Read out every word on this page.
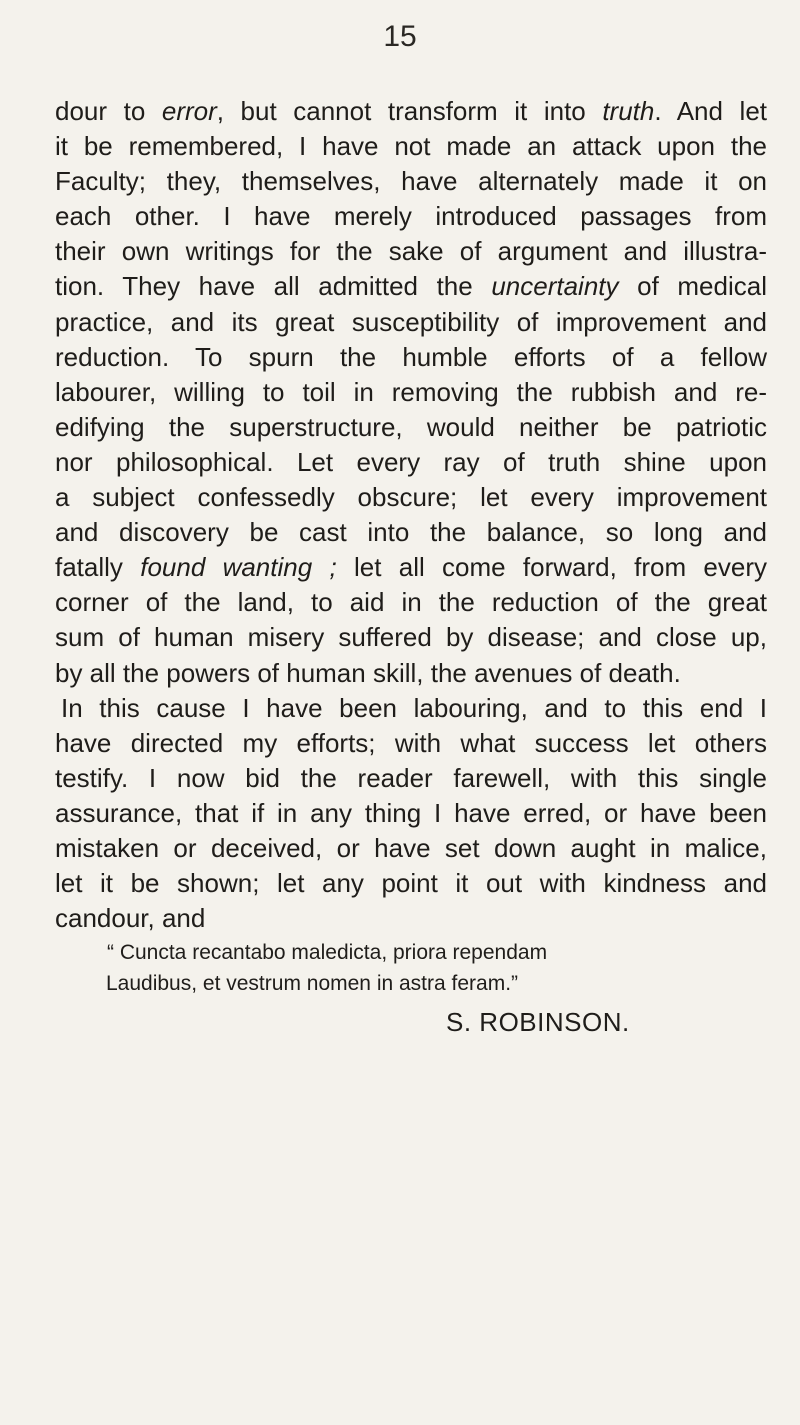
15
dour to error, but cannot transform it into truth. And let
it be remembered, I have not made an attack upon the
Faculty; they, themselves, have alternately made it on
each other. I have merely introduced passages from
their own writings for the sake of argument and illustra-
tion. They have all admitted the uncertainty of medical
practice, and its great susceptibility of improvement and
reduction. To spurn the humble efforts of a fellow
labourer, willing to toil in removing the rubbish and re-
edifying the superstructure, would neither be patriotic
nor philosophical. Let every ray of truth shine upon
a subject confessedly obscure; let every improvement
and discovery be cast into the balance, so long and
fatally found wanting ; let all come forward, from every
corner of the land, to aid in the reduction of the great
sum of human misery suffered by disease; and close up,
by all the powers of human skill, the avenues of death.
In this cause I have been labouring, and to this end I
have directed my efforts; with what success let others
testify. I now bid the reader farewell, with this single
assurance, that if in any thing I have erred, or have been
mistaken or deceived, or have set down aught in malice,
let it be shown; let any point it out with kindness and
candour, and
“ Cuncta recantabo maledicta, priora rependam
Laudibus, et vestrum nomen in astra feram.”
S. ROBINSON.
